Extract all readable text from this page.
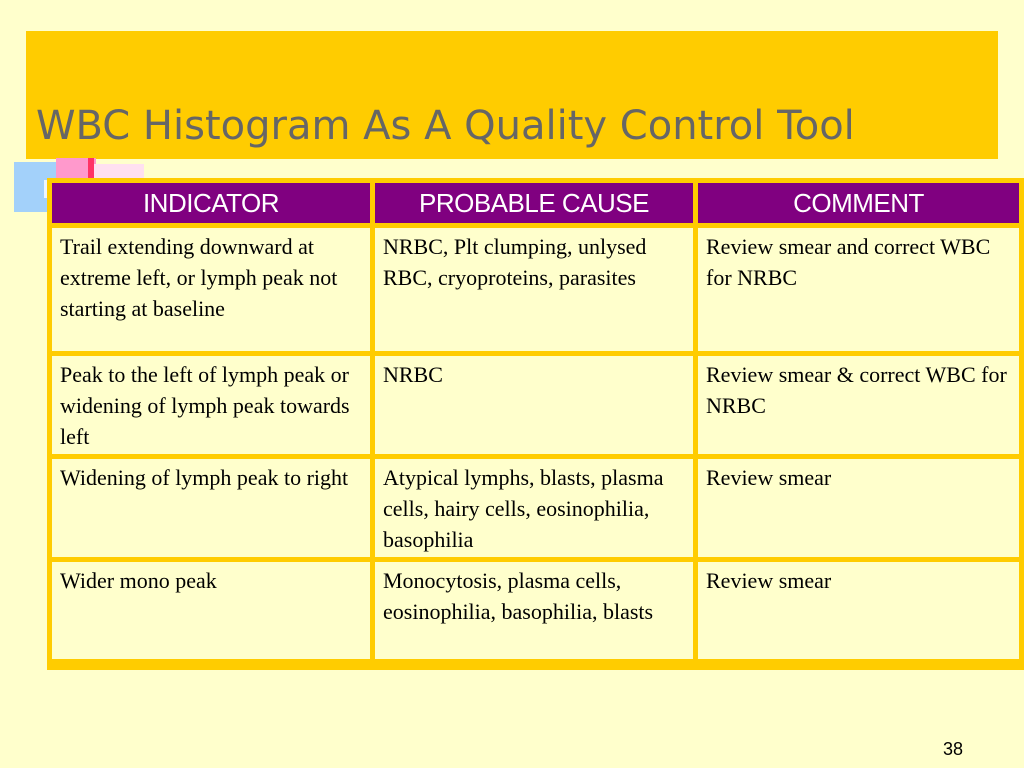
WBC Histogram As A Quality Control Tool
INDICATOR	PROBABLE CAUSE	COMMENT
Trail extending downward at extreme left, or lymph peak not starting at baseline	NRBC, Plt clumping, unlysed RBC, cryoproteins, parasites	Review smear and correct WBC for NRBC
Peak to the left of lymph peak or widening of lymph peak towards left	NRBC	Review smear & correct WBC for NRBC
Widening of lymph peak to right	Atypical lymphs, blasts, plasma cells, hairy cells, eosinophilia, basophilia	Review smear
Wider mono peak	Monocytosis, plasma cells, eosinophilia, basophilia, blasts	Review smear
38
